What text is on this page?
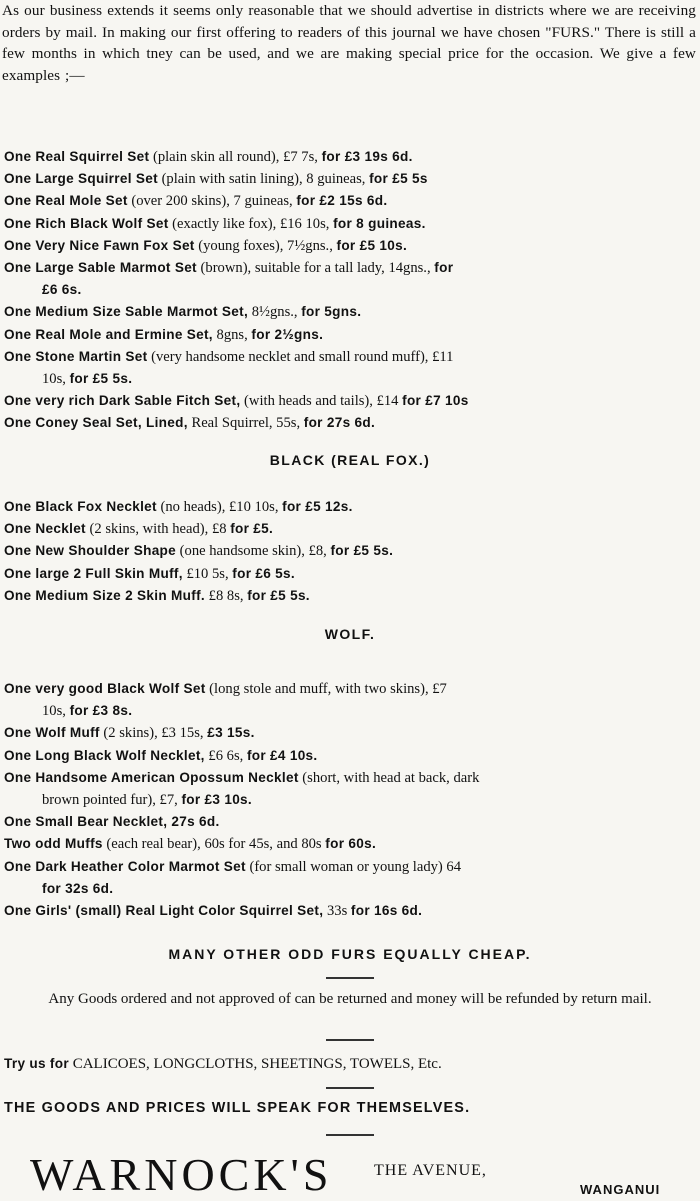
As our business extends it seems only reasonable that we should advertise in districts where we are receiving orders by mail. In making our first offering to readers of this journal we have chosen "FURS." There is still a few months in which tney can be used, and we are making special price for the occasion. We give a few examples ;—
One Real Squirrel Set (plain skin all round), £7 7s, for £3 19s 6d.
One Large Squirrel Set (plain with satin lining), 8 guineas, for £5 5s
One Real Mole Set (over 200 skins), 7 guineas, for £2 15s 6d.
One Rich Black Wolf Set (exactly like fox), £16 10s, for 8 guineas.
One Very Nice Fawn Fox Set (young foxes), 7½gns., for £5 10s.
One Large Sable Marmot Set (brown), suitable for a tall lady, 14gns., for
£6 6s.
One Medium Size Sable Marmot Set, 8½gns., for 5gns.
One Real Mole and Ermine Set, 8gns, for 2½gns.
One Stone Martin Set (very handsome necklet and small round muff), £11
10s, for £5 5s.
One very rich Dark Sable Fitch Set, (with heads and tails), £14 for £7 10s
One Coney Seal Set, Lined, Real Squirrel, 55s, for 27s 6d.
BLACK (REAL FOX.)
One Black Fox Necklet (no heads), £10 10s, for £5 12s.
One Necklet (2 skins, with head), £8 for £5.
One New Shoulder Shape (one handsome skin), £8, for £5 5s.
One large 2 Full Skin Muff, £10 5s, for £6 5s.
One Medium Size 2 Skin Muff. £8 8s, for £5 5s.
WOLF.
One very good Black Wolf Set (long stole and muff, with two skins), £7
10s, for £3 8s.
One Wolf Muff (2 skins), £3 15s, £3 15s.
One Long Black Wolf Necklet, £6 6s, for £4 10s.
One Handsome American Opossum Necklet (short, with head at back, dark
brown pointed fur), £7, for £3 10s.
One Small Bear Necklet, 27s 6d.
Two odd Muffs (each real bear), 60s for 45s, and 80s for 60s.
One Dark Heather Color Marmot Set (for small woman or young lady) 64
for 32s 6d.
One Girls' (small) Real Light Color Squirrel Set, 33s for 16s 6d.
MANY OTHER ODD FURS EQUALLY CHEAP.
Any Goods ordered and not approved of can be returned and money will be refunded by return mail.
Try us for CALICOES, LONGCLOTHS, SHEETINGS, TOWELS, Etc.
THE GOODS AND PRICES WILL SPEAK FOR THEMSELVES.
WARNOCK'S	THE AVENUE,
WANGANUI
